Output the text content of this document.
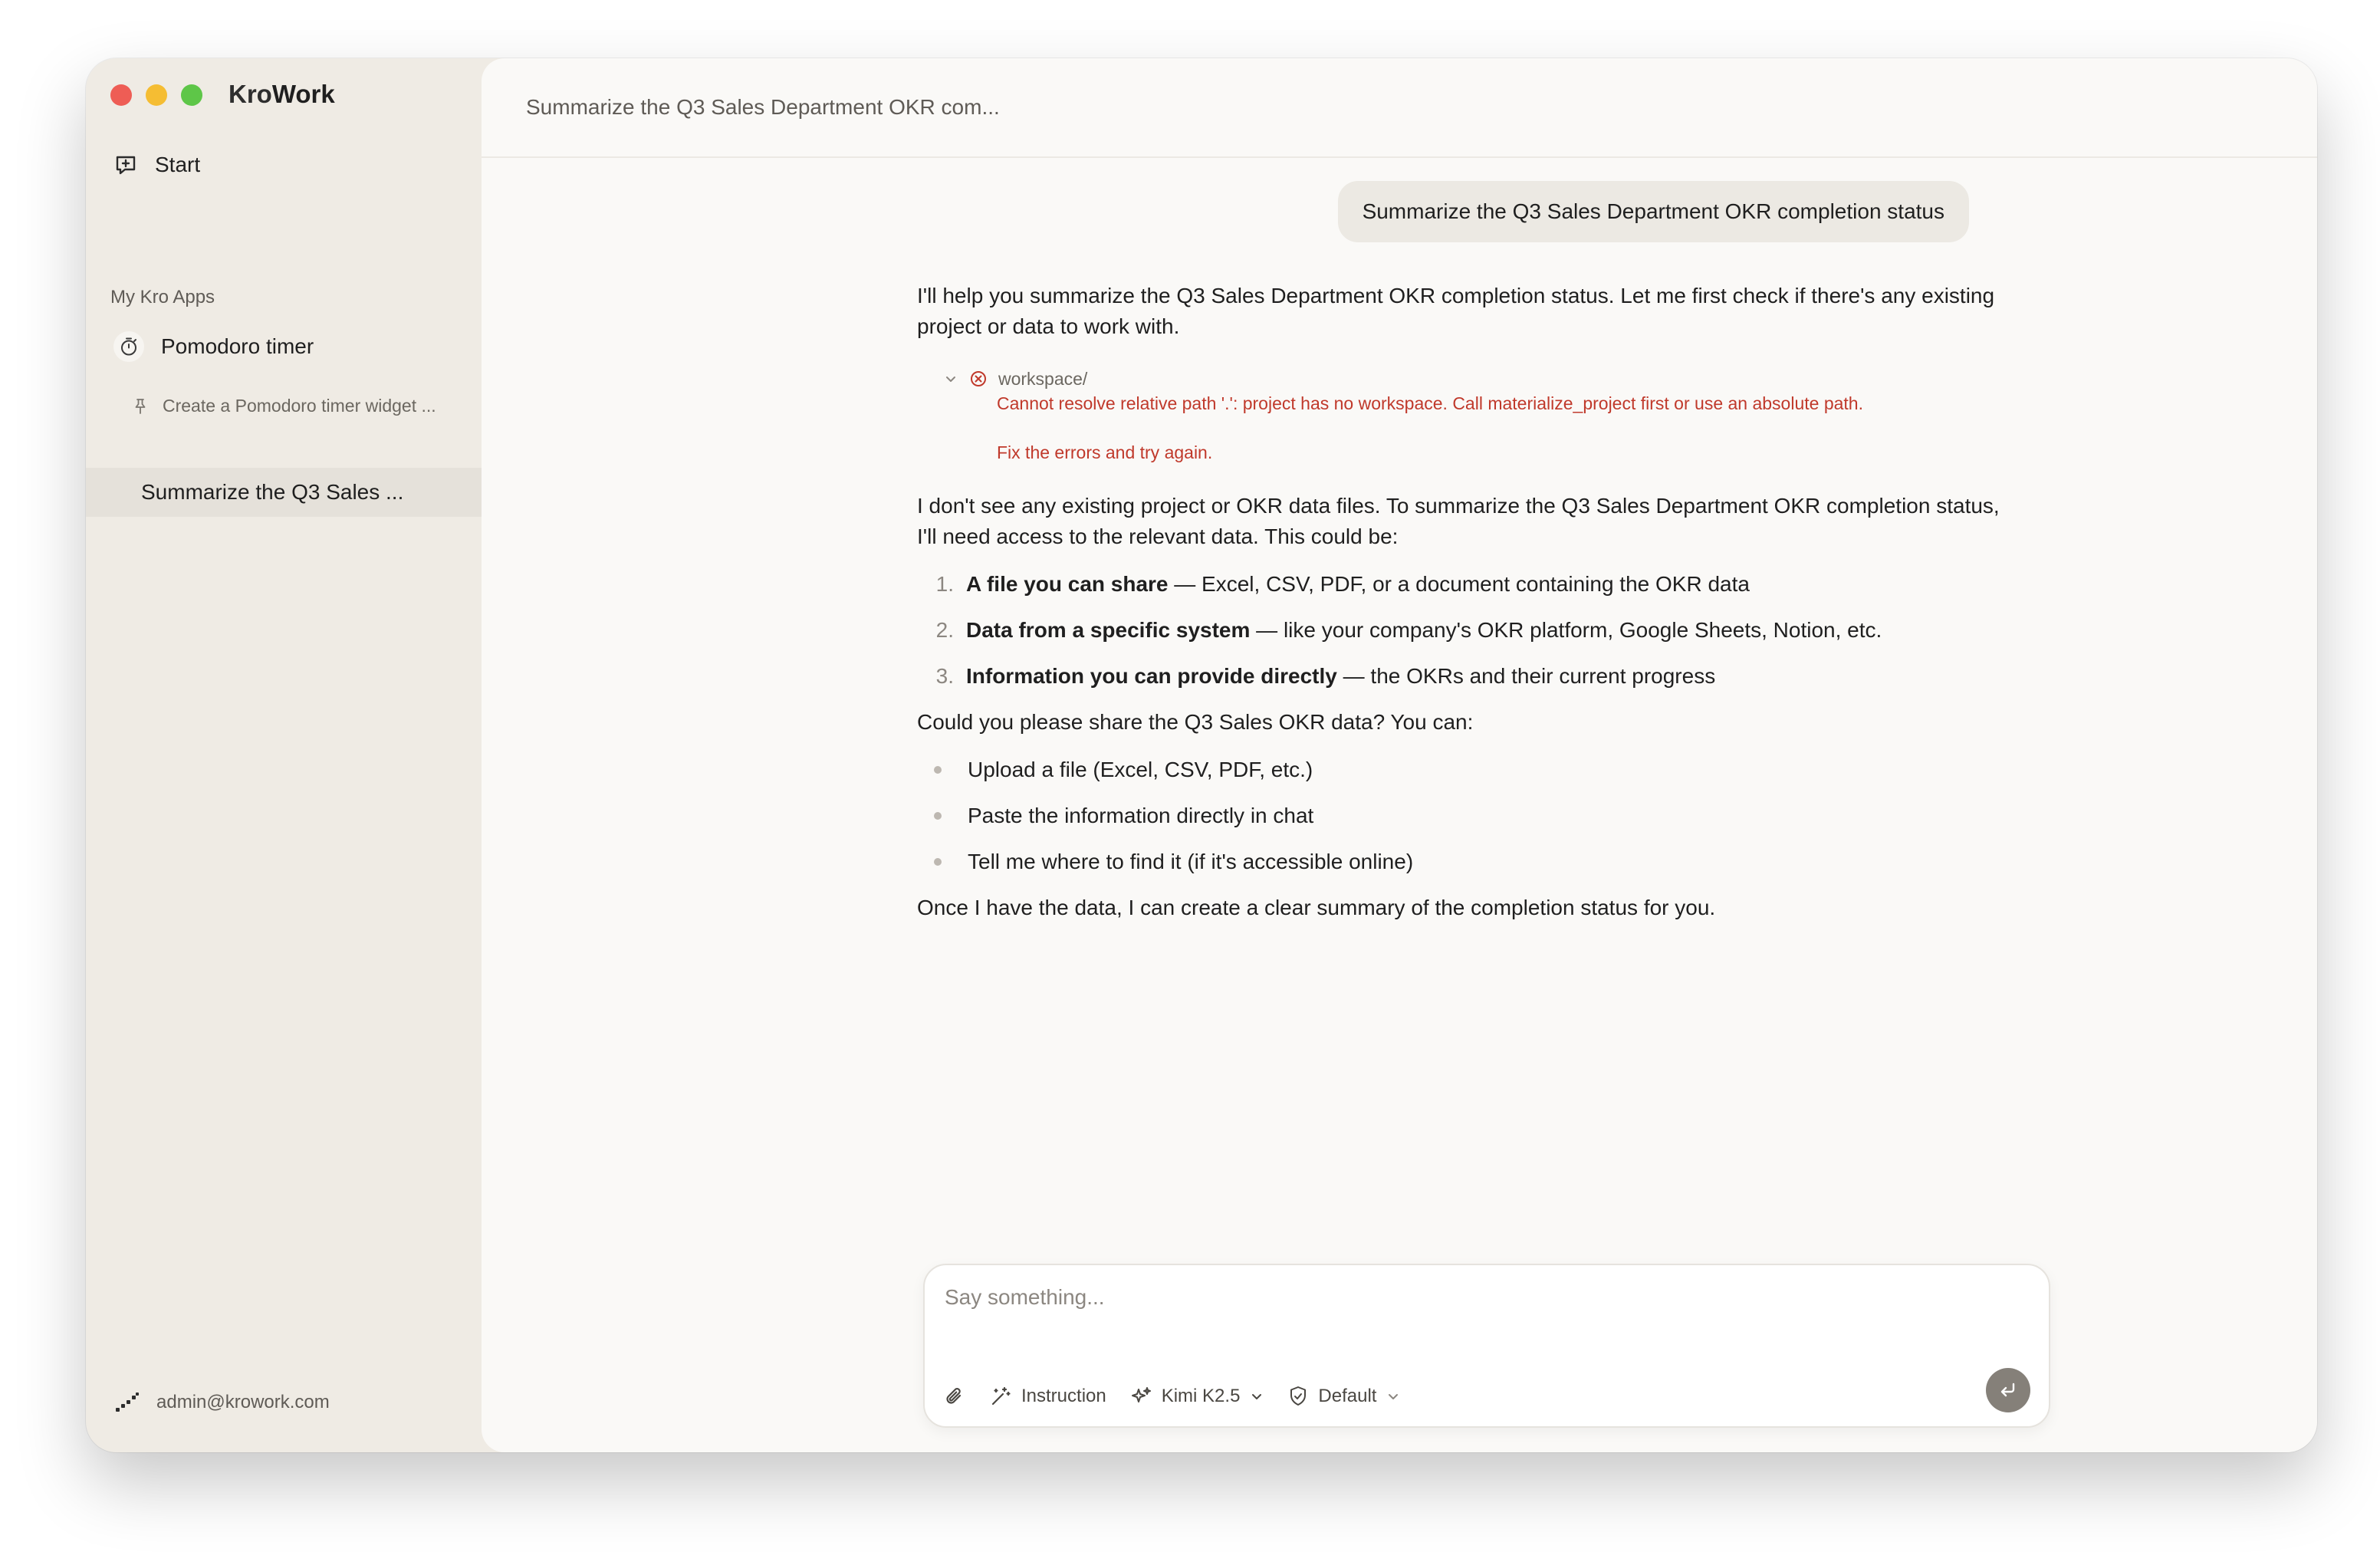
KroWork
Start
My Kro Apps
Pomodoro timer
Create a Pomodoro timer widget ...
Summarize the Q3 Sales ...
admin@krowork.com
Summarize the Q3 Sales Department OKR com...
Summarize the Q3 Sales Department OKR completion status

I'll help you summarize the Q3 Sales Department OKR completion status. Let me first check if there's any existing project or data to work with.

workspace/
Cannot resolve relative path '.': project has no workspace. Call materialize_project first or use an absolute path.
Fix the errors and try again.

I don't see any existing project or OKR data files. To summarize the Q3 Sales Department OKR completion status, I'll need access to the relevant data. This could be:

1. A file you can share — Excel, CSV, PDF, or a document containing the OKR data
2. Data from a specific system — like your company's OKR platform, Google Sheets, Notion, etc.
3. Information you can provide directly — the OKRs and their current progress

Could you please share the Q3 Sales OKR data? You can:

Upload a file (Excel, CSV, PDF, etc.)
Paste the information directly in chat
Tell me where to find it (if it's accessible online)

Once I have the data, I can create a clear summary of the completion status for you.

Say something...
Instruction	Kimi K2.5	Default
